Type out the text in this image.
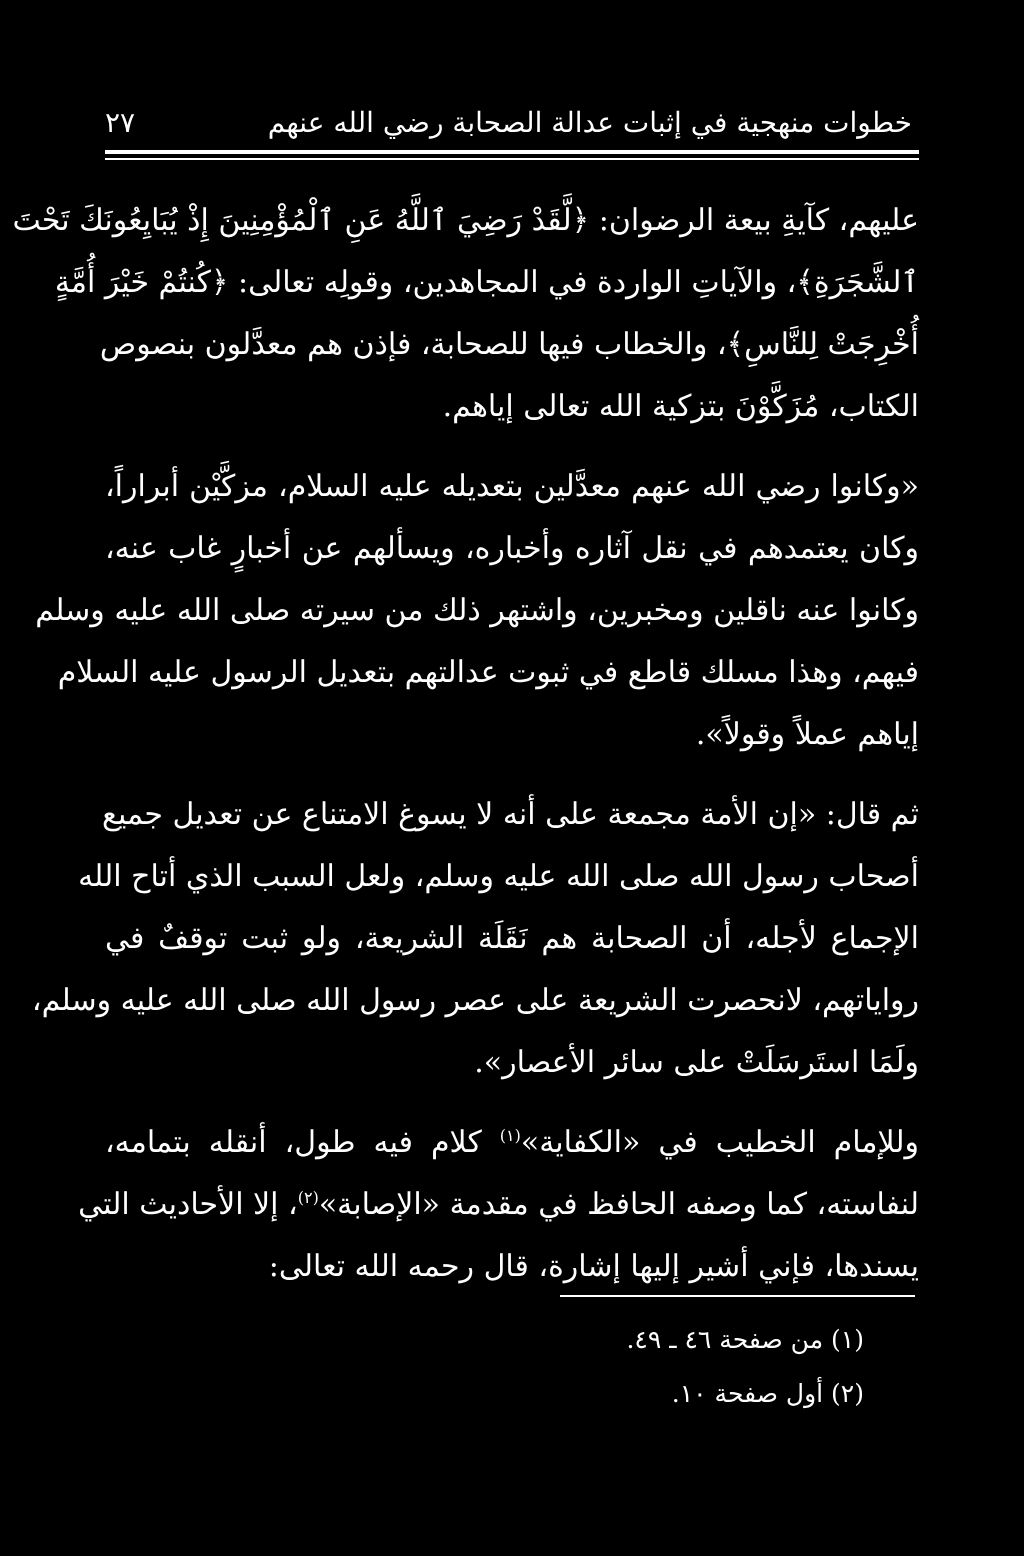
خطوات منهجية في إثبات عدالة الصحابة رضي الله عنهم
٢٧
عليهم، كآيةِ بيعة الرضوان: ﴿لَّقَدْ رَضِيَ ٱللَّهُ عَنِ ٱلْمُؤْمِنِينَ إِذْ يُبَايِعُونَكَ تَحْتَ
ٱلشَّجَرَةِ﴾، والآياتِ الواردة في المجاهدين، وقولِه تعالى: ﴿كُنتُمْ خَيْرَ أُمَّةٍ
أُخْرِجَتْ لِلنَّاسِ﴾، والخطاب فيها للصحابة، فإذن هم معدَّلون بنصوص
الكتاب، مُزَكَّوْنَ بتزكية الله تعالى إياهم.
«وكانوا رضي الله عنهم معدَّلين بتعديله عليه السلام، مزكَّيْن أبراراً،
وكان يعتمدهم في نقل آثاره وأخباره، ويسألهم عن أخبارٍ غاب عنه،
وكانوا عنه ناقلين ومخبرين، واشتهر ذلك من سيرته صلى الله عليه وسلم
فيهم، وهذا مسلك قاطع في ثبوت عدالتهم بتعديل الرسول عليه السلام
إياهم عملاً وقولاً».
ثم قال: «إن الأمة مجمعة على أنه لا يسوغ الامتناع عن تعديل جميع
أصحاب رسول الله صلى الله عليه وسلم، ولعل السبب الذي أتاح الله
الإجماع لأجله، أن الصحابة هم نَقَلَة الشريعة، ولو ثبت توقفٌ في
رواياتهم، لانحصرت الشريعة على عصر رسول الله صلى الله عليه وسلم،
ولَمَا استَرسَلَتْ على سائر الأعصار».
وللإمام الخطيب في «الكفاية»$^{(١)}$ كلام فيه طول، أنقله بتمامه،
لنفاسته، كما وصفه الحافظ في مقدمة «الإصابة»$^{(٢)}$، إلا الأحاديث التي
يسندها، فإني أشير إليها إشارة، قال رحمه الله تعالى:
(١) من صفحة ٤٦ ـ ٤٩.
(٢) أول صفحة ١٠.
